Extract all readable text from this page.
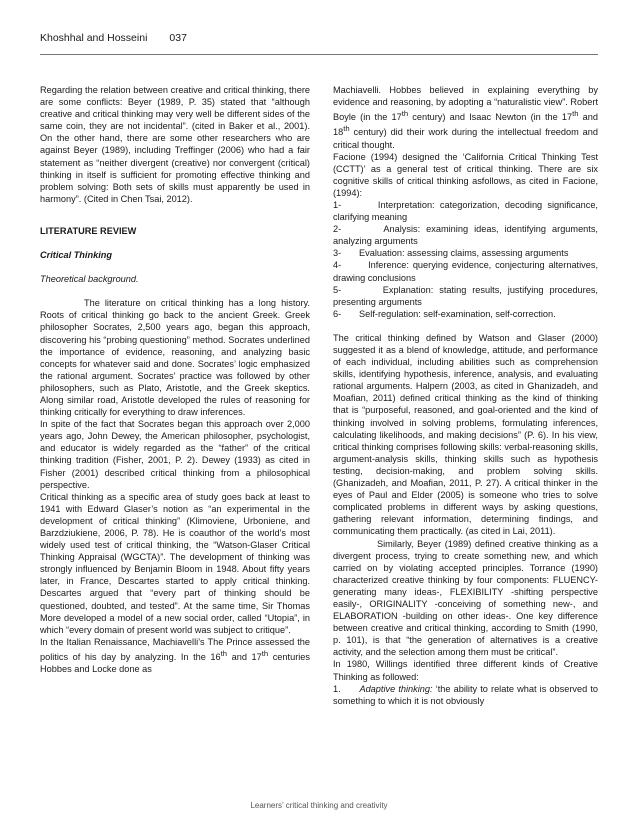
Khoshhal and Hosseini 037

Regarding the relation between creative and critical thinking, there are some conflicts: Beyer (1989, P. 35) stated that “although creative and critical thinking may very well be different sides of the same coin, they are not incidental”. (cited in Baker et al., 2001). On the other hand, there are some other researchers who are against Beyer (1989), including Treffinger (2006) who had a fair statement as “neither divergent (creative) nor convergent (critical) thinking in itself is sufficient for promoting effective thinking and problem solving: Both sets of skills must apparently be used in harmony”. (Cited in Chen Tsai, 2012).

LITERATURE REVIEW

Critical Thinking

Theoretical background.

The literature on critical thinking has a long history. Roots of critical thinking go back to the ancient Greek. Greek philosopher Socrates, 2,500 years ago, began this approach, discovering his “probing questioning” method. Socrates underlined the importance of evidence, reasoning, and analyzing basic concepts for whatever said and done. Socrates’ logic emphasized the rational argument. Socrates’ practice was followed by other philosophers, such as Plato, Aristotle, and the Greek skeptics. Along similar road, Aristotle developed the rules of reasoning for thinking critically for everything to draw inferences.

In spite of the fact that Socrates began this approach over 2,000 years ago, John Dewey, the American philosopher, psychologist, and educator is widely regarded as the “father” of the critical thinking tradition (Fisher, 2001, P. 2). Dewey (1933) as cited in Fisher (2001) described critical thinking from a philosophical perspective.

Critical thinking as a specific area of study goes back at least to 1941 with Edward Glaser’s notion as “an experimental in the development of critical thinking” (Klimoviene, Urboniene, and Barzdziukiene, 2006, P. 78). He is coauthor of the world’s most widely used test of critical thinking, the “Watson-Glaser Critical Thinking Appraisal (WGCTA)”. The development of thinking was strongly influenced by Benjamin Bloom in 1948. About fifty years later, in France, Descartes started to apply critical thinking. Descartes argued that “every part of thinking should be questioned, doubted, and tested”. At the same time, Sir Thomas More developed a model of a new social order, called “Utopia”, in which “every domain of present world was subject to critique”.

In the Italian Renaissance, Machiavelli’s The Prince assessed the politics of his day by analyzing. In the 16th and 17th centuries Hobbes and Locke done as

Machiavelli. Hobbes believed in explaining everything by evidence and reasoning, by adopting a “naturalistic view”. Robert Boyle (in the 17th century) and Isaac Newton (in the 17th and 18th century) did their work during the intellectual freedom and critical thought.

Facione (1994) designed the ‘California Critical Thinking Test (CCTT)’ as a general test of critical thinking. There are six cognitive skills of critical thinking asfollows, as cited in Facione, (1994):

1-	Interpretation: categorization, decoding significance, clarifying meaning

2-	Analysis: examining ideas, identifying arguments, analyzing arguments

3- Evaluation: assessing claims, assessing arguments

4-	Inference: querying evidence, conjecturing alternatives, drawing conclusions

5-	Explanation: stating results, justifying procedures, presenting arguments

6- Self-regulation: self-examination, self-correction.

The critical thinking defined by Watson and Glaser (2000) suggested it as a blend of knowledge, attitude, and performance of each individual, including abilities such as comprehension skills, identifying hypothesis, inference, analysis, and evaluating rational arguments. Halpern (2003, as cited in Ghanizadeh, and Moafian, 2011) defined critical thinking as the kind of thinking that is “purposeful, reasoned, and goal-oriented and the kind of thinking involved in solving problems, formulating inferences, calculating likelihoods, and making decisions” (P. 6). In his view, critical thinking comprises following skills: verbal-reasoning skills, argument-analysis skills, thinking skills such as hypothesis testing, decision-making, and problem solving skills. (Ghanizadeh, and Moafian, 2011, P. 27). A critical thinker in the eyes of Paul and Elder (2005) is someone who tries to solve complicated problems in different ways by asking questions, gathering relevant information, determining findings, and communicating them practically. (as cited in Lai, 2011).

Similarly, Beyer (1989) defined creative thinking as a divergent process, trying to create something new, and which carried on by violating accepted principles. Torrance (1990) characterized creative thinking by four components: FLUENCY-generating many ideas-, FLEXIBILITY -shifting perspective easily-, ORIGINALITY -conceiving of something new-, and ELABORATION -building on other ideas-. One key difference between creative and critical thinking, according to Smith (1990, p. 101), is that “the generation of alternatives is a creative activity, and the selection among them must be critical”.

In 1980, Willings identified three different kinds of Creative Thinking as followed:

1. Adaptive thinking: ‘the ability to relate what is observed to something to which it is not obviously

Learners’ critical thinking and creativity
